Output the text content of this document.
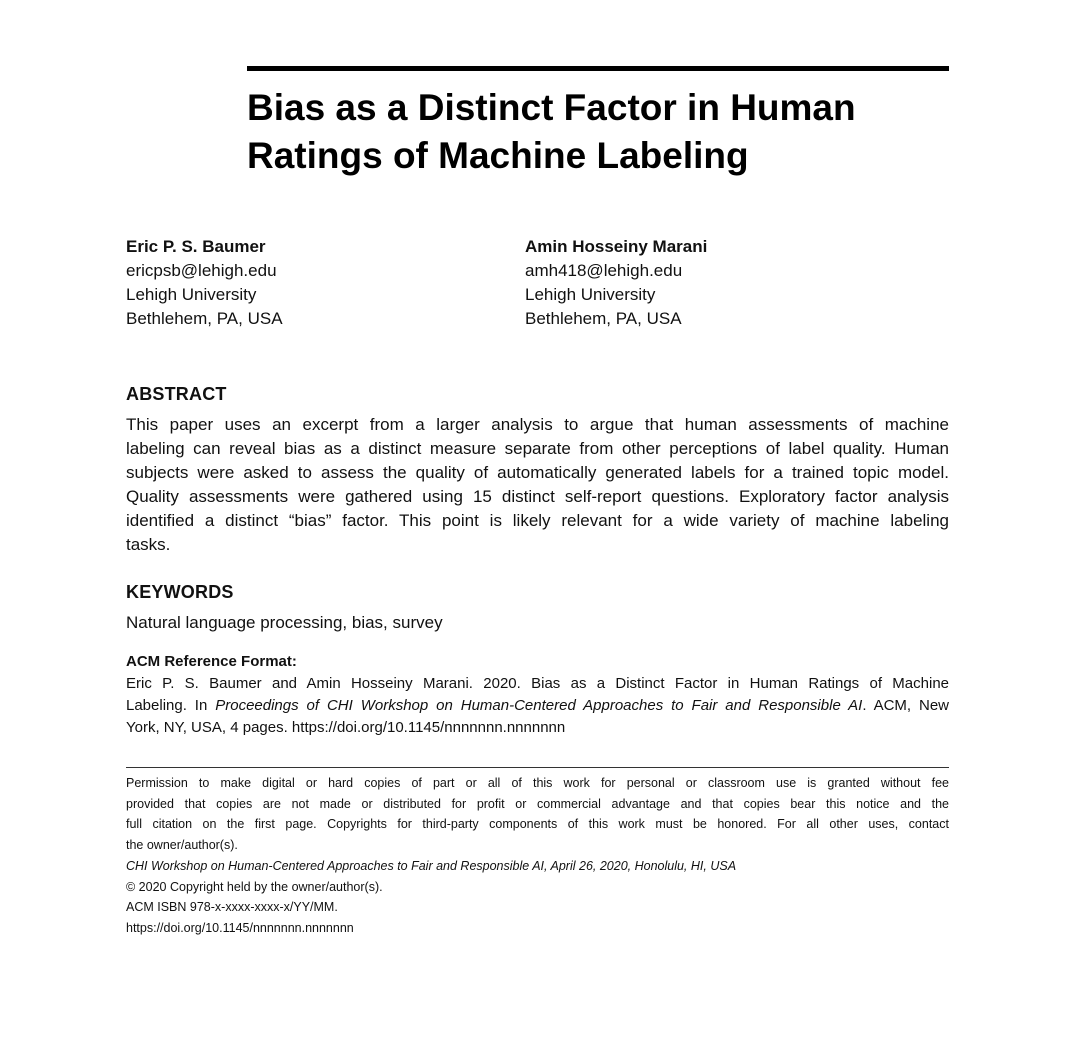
Bias as a Distinct Factor in Human
Ratings of Machine Labeling
Eric P. S. Baumer
ericpsb@lehigh.edu
Lehigh University
Bethlehem, PA, USA
Amin Hosseiny Marani
amh418@lehigh.edu
Lehigh University
Bethlehem, PA, USA
ABSTRACT
This paper uses an excerpt from a larger analysis to argue that human assessments of machine
labeling can reveal bias as a distinct measure separate from other perceptions of label quality. Human
subjects were asked to assess the quality of automatically generated labels for a trained topic model.
Quality assessments were gathered using 15 distinct self-report questions. Exploratory factor analysis
identified a distinct “bias” factor. This point is likely relevant for a wide variety of machine labeling
tasks.
KEYWORDS
Natural language processing, bias, survey
ACM Reference Format:
Eric P. S. Baumer and Amin Hosseiny Marani. 2020. Bias as a Distinct Factor in Human Ratings of Machine
Labeling. In Proceedings of CHI Workshop on Human-Centered Approaches to Fair and Responsible AI. ACM, New
York, NY, USA, 4 pages. https://doi.org/10.1145/nnnnnnn.nnnnnnn
Permission to make digital or hard copies of part or all of this work for personal or classroom use is granted without fee
provided that copies are not made or distributed for profit or commercial advantage and that copies bear this notice and the
full citation on the first page. Copyrights for third-party components of this work must be honored. For all other uses, contact
the owner/author(s).
CHI Workshop on Human-Centered Approaches to Fair and Responsible AI, April 26, 2020, Honolulu, HI, USA
© 2020 Copyright held by the owner/author(s).
ACM ISBN 978-x-xxxx-xxxx-x/YY/MM.
https://doi.org/10.1145/nnnnnnn.nnnnnnn
